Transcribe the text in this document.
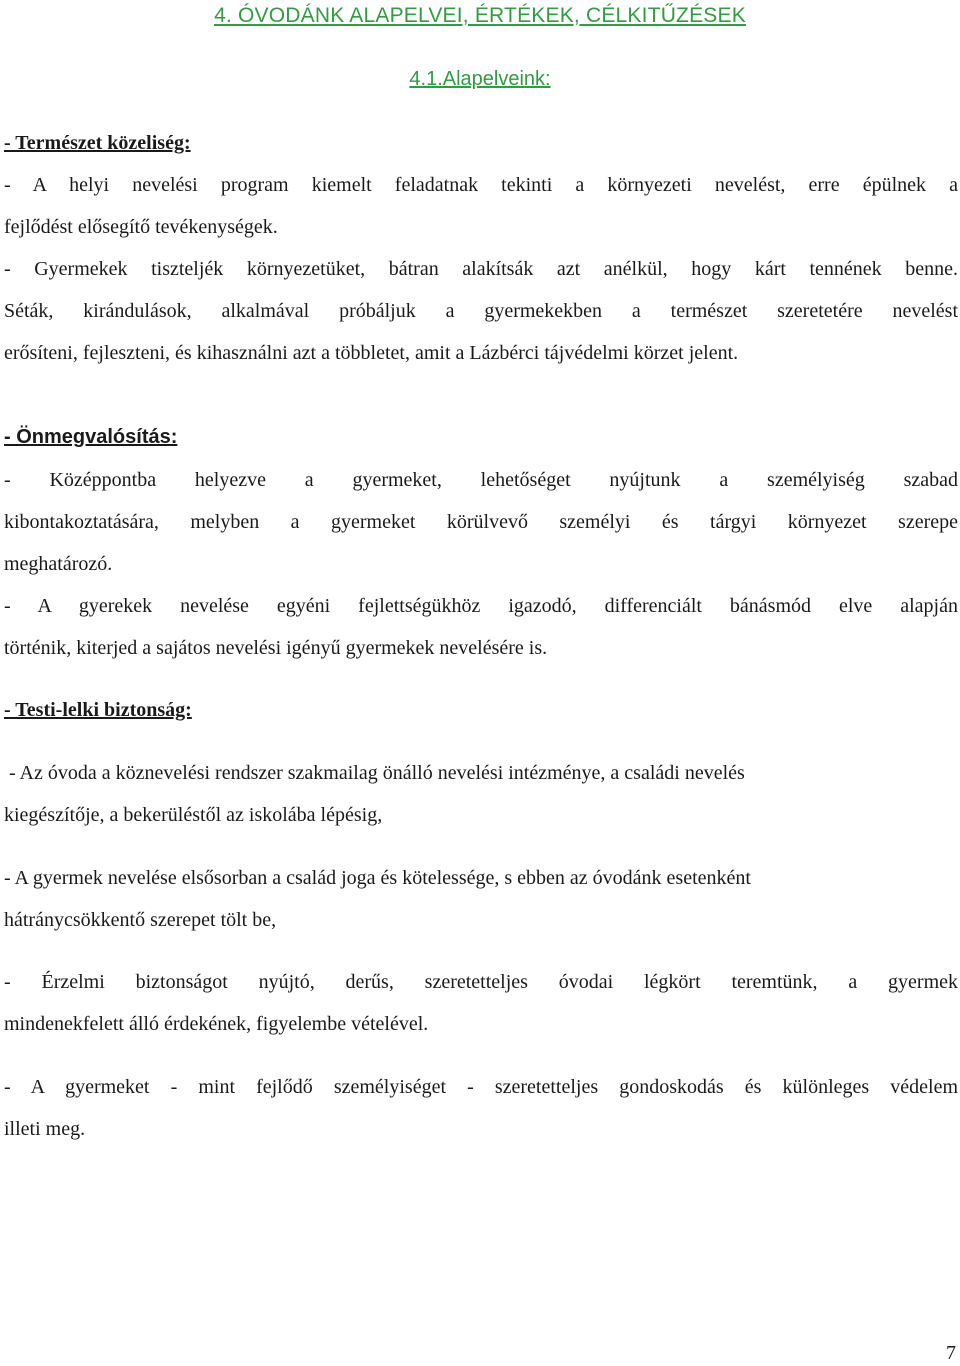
4. ÓVODÁNK ALAPELVEI, ÉRTÉKEK, CÉLKITŰZÉSEK
4.1.Alapelveink:
- Természet közeliség:
- A helyi nevelési program kiemelt feladatnak tekinti a környezeti nevelést, erre épülnek a
fejlődést elősegítő tevékenységek.
- Gyermekek tiszteljék környezetüket, bátran alakítsák azt anélkül, hogy kárt tennének benne.
Séták, kirándulások, alkalmával próbáljuk a gyermekekben a természet szeretetére nevelést
erősíteni, fejleszteni, és kihasználni azt a többletet, amit a Lázbérci tájvédelmi körzet jelent.
- Önmegvalósítás:
- Középpontba helyezve a gyermeket, lehetőséget nyújtunk a személyiség szabad
kibontakoztatására, melyben a gyermeket körülvevő személyi és tárgyi környezet szerepe
meghatározó.
- A gyerekek nevelése egyéni fejlettségükhöz igazodó, differenciált bánásmód elve alapján
történik, kiterjed a sajátos nevelési igényű gyermekek nevelésére is.
- Testi-lelki biztonság:
- Az óvoda a köznevelési rendszer szakmailag önálló nevelési intézménye, a családi nevelés
kiegészítője, a bekerüléstől az iskolába lépésig,
- A gyermek nevelése elsősorban a család joga és kötelessége, s ebben az óvodánk esetenként
hátránycsökkentő szerepet tölt be,
- Érzelmi biztonságot nyújtó, derűs, szeretetteljes óvodai légkört teremtünk, a gyermek
mindenekfelett álló érdekének, figyelembe vételével.
- A gyermeket - mint fejlődő személyiséget - szeretetteljes gondoskodás és különleges védelem
illeti meg.
7
